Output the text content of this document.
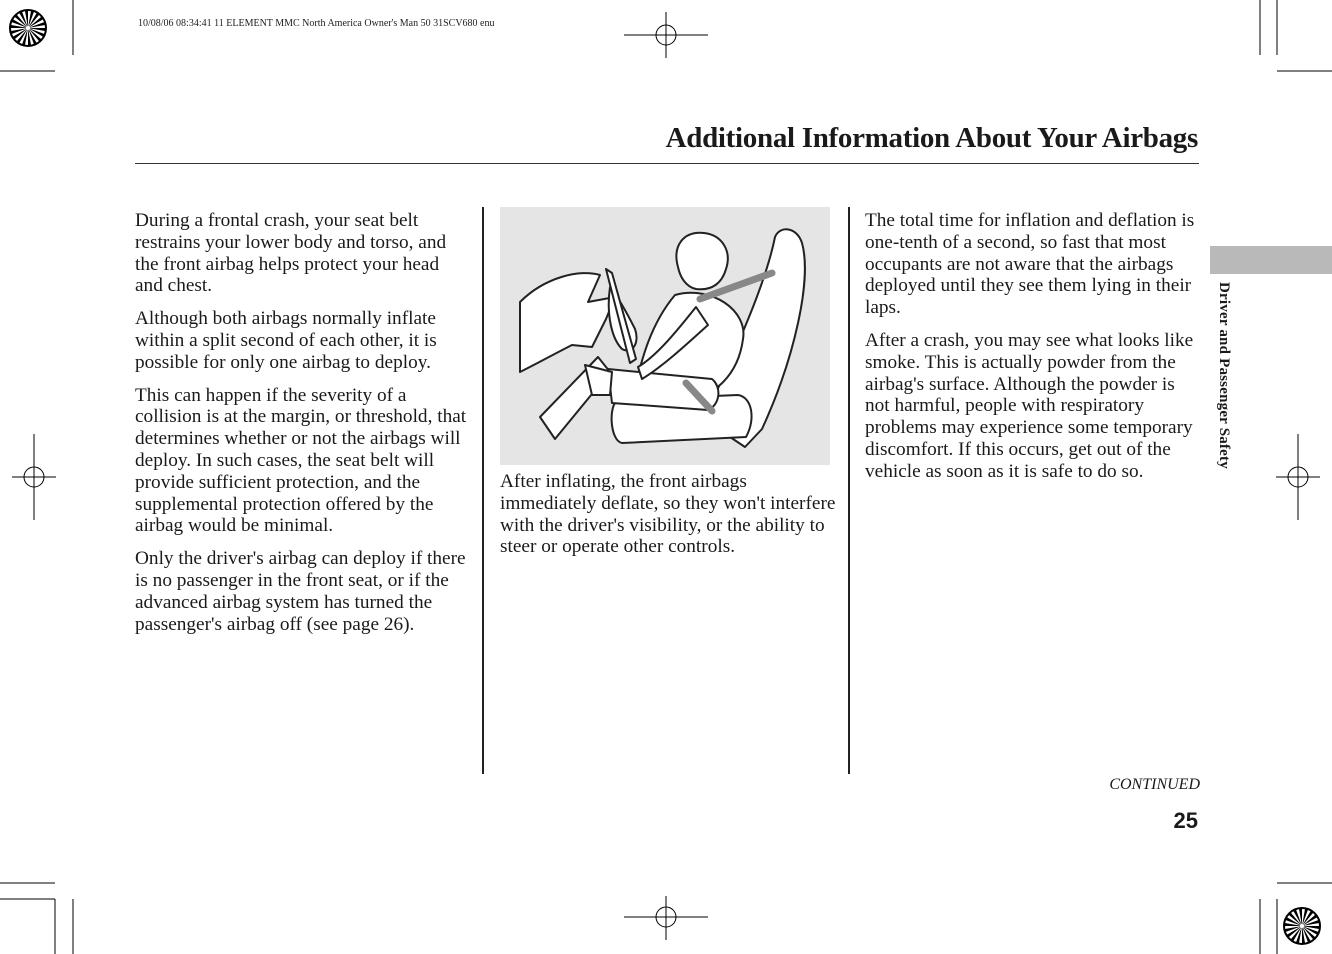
10/08/06 08:34:41 11 ELEMENT MMC North America Owner's Man 50 31SCV680 enu
Additional Information About Your Airbags
Driver and Passenger Safety

During a frontal crash, your seat belt restrains your lower body and torso, and the front airbag helps protect your head and chest.

Although both airbags normally inflate within a split second of each other, it is possible for only one airbag to deploy.

This can happen if the severity of a collision is at the margin, or threshold, that determines whether or not the airbags will deploy. In such cases, the seat belt will provide sufficient protection, and the supplemental protection offered by the airbag would be minimal.

Only the driver's airbag can deploy if there is no passenger in the front seat, or if the advanced airbag system has turned the passenger's airbag off (see page 26).

After inflating, the front airbags immediately deflate, so they won't interfere with the driver's visibility, or the ability to steer or operate other controls.

The total time for inflation and deflation is one-tenth of a second, so fast that most occupants are not aware that the airbags deployed until they see them lying in their laps.

After a crash, you may see what looks like smoke. This is actually powder from the airbag's surface. Although the powder is not harmful, people with respiratory problems may experience some temporary discomfort. If this occurs, get out of the vehicle as soon as it is safe to do so.

CONTINUED
25
